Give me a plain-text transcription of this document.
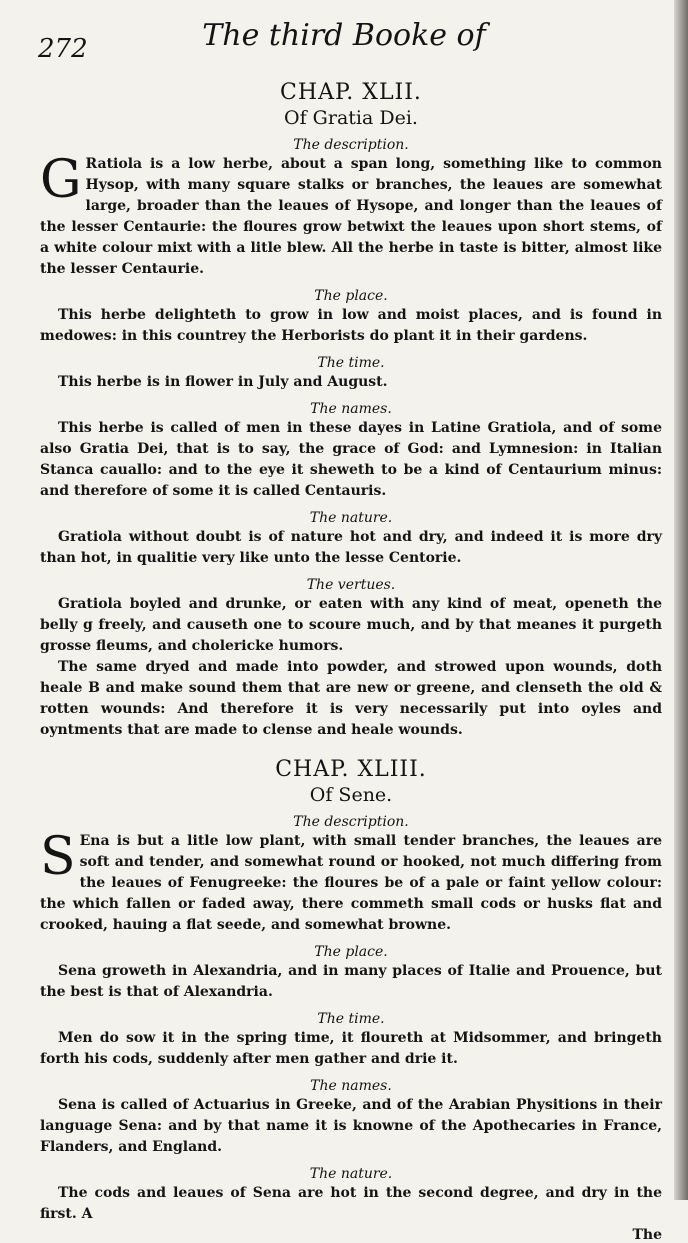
272	The third Booke of
CHAP. XLII.
Of Gratia Dei.
The description.

G Ratiola is a low herbe, about a span long, something like to common Hysop, with many square stalks or branches, the leaues are somewhat large, broader than the leaues of Hysope, and longer than the leaues of the lesser Centaurie: the floures grow betwixt the leaues upon short stems, of a white colour mixt with a litle blew. All the herbe in taste is bitter, almost like the lesser Centaurie.

The place.

This herbe delighteth to grow in low and moist places, and is found in medowes: in this countrey the Herborists do plant it in their gardens.

The time.

This herbe is in flower in July and August.

The names.

This herbe is called of men in these dayes in Latine Gratiola, and of some also Gratia Dei, that is to say, the grace of God: and Lymnesion: in Italian Stanca cauallo: and to the eye it sheweth to be a kind of Centaurium minus: and therefore of some it is called Centauris.

The nature.

Gratiola without doubt is of nature hot and dry, and indeed it is more dry than hot, in qualitie very like unto the lesse Centorie.

The vertues.

Gratiola boyled and drunke, or eaten with any kind of meat, openeth the belly g freely, and causeth one to scoure much, and by that meanes it purgeth grosse fleums, and cholericke humors.

The same dryed and made into powder, and strowed upon wounds, doth heale B and make sound them that are new or greene, and clenseth the old & rotten wounds: And therefore it is very necessarily put into oyles and oyntments that are made to clense and heale wounds.

CHAP. XLIII.
Of Sene.
The description.

S Ena is but a litle low plant, with small tender branches, the leaues are soft and tender, and somewhat round or hooked, not much differing from the leaues of Fenugreeke: the floures be of a pale or faint yellow colour: the which fallen or faded away, there commeth small cods or husks flat and crooked, hauing a flat seede, and somewhat browne.

The place.

Sena groweth in Alexandria, and in many places of Italie and Prouence, but the best is that of Alexandria.

The time.

Men do sow it in the spring time, it floureth at Midsommer, and bringeth forth his cods, suddenly after men gather and drie it.

The names.

Sena is called of Actuarius in Greeke, and of the Arabian Physitions in their language Sena: and by that name it is knowne of the Apothecaries in France, Flanders, and England.

The nature.

The cods and leaues of Sena are hot in the second degree, and dry in the first. A

The
